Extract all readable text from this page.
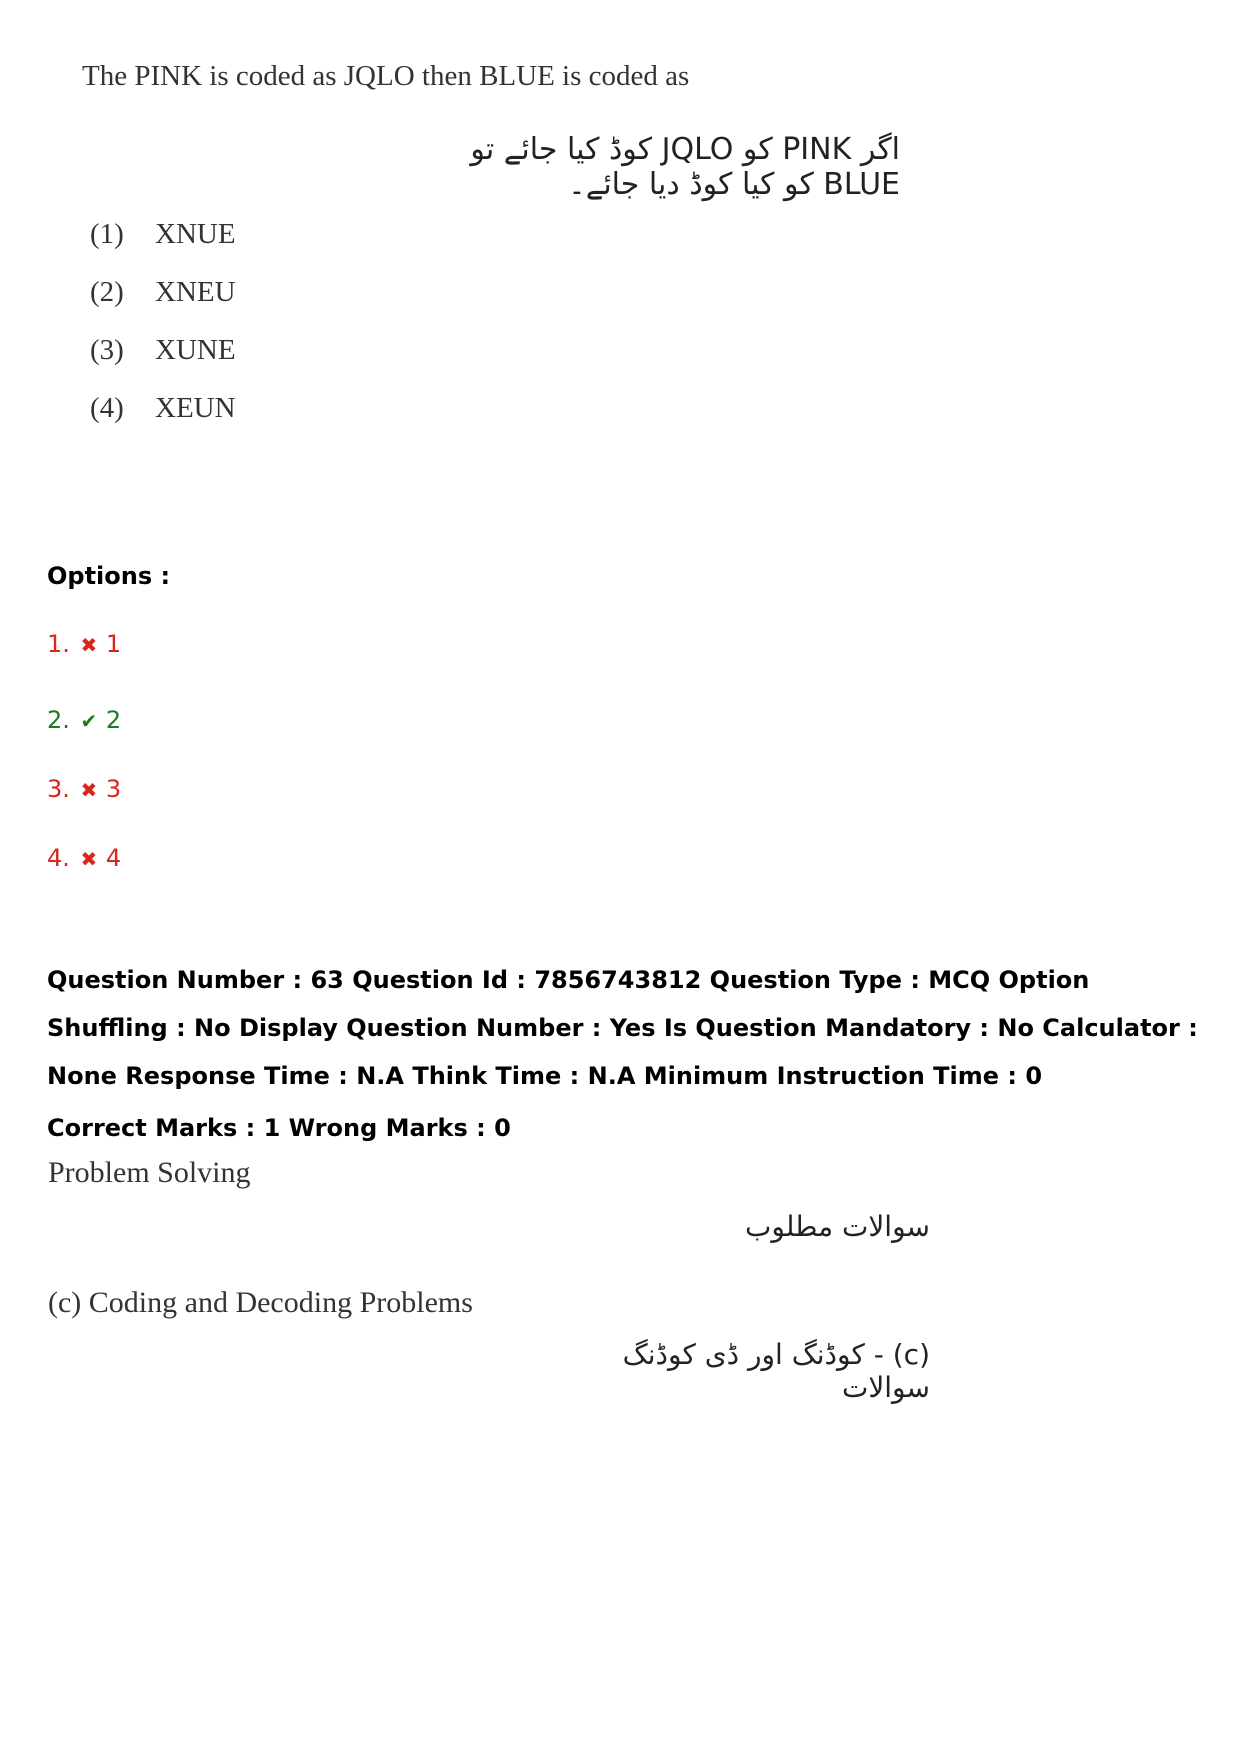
The PINK is coded as JQLO then BLUE is coded as
اگر PINK کو JQLO کوڈ کیا جائے تو BLUE کو کیا کوڈ دیا جائے۔
(1) XNUE
(2) XNEU
(3) XUNE
(4) XEUN
Options :
1. ✖ 1
2. ✔ 2
3. ✖ 3
4. ✖ 4
Question Number : 63 Question Id : 7856743812 Question Type : MCQ Option Shuffling : No Display Question Number : Yes Is Question Mandatory : No Calculator : None Response Time : N.A Think Time : N.A Minimum Instruction Time : 0
Correct Marks : 1 Wrong Marks : 0
Problem Solving
سوالات مطلوب
(c) Coding and Decoding Problems
(c) - کوڈنگ اور ڈی کوڈنگ سوالات
